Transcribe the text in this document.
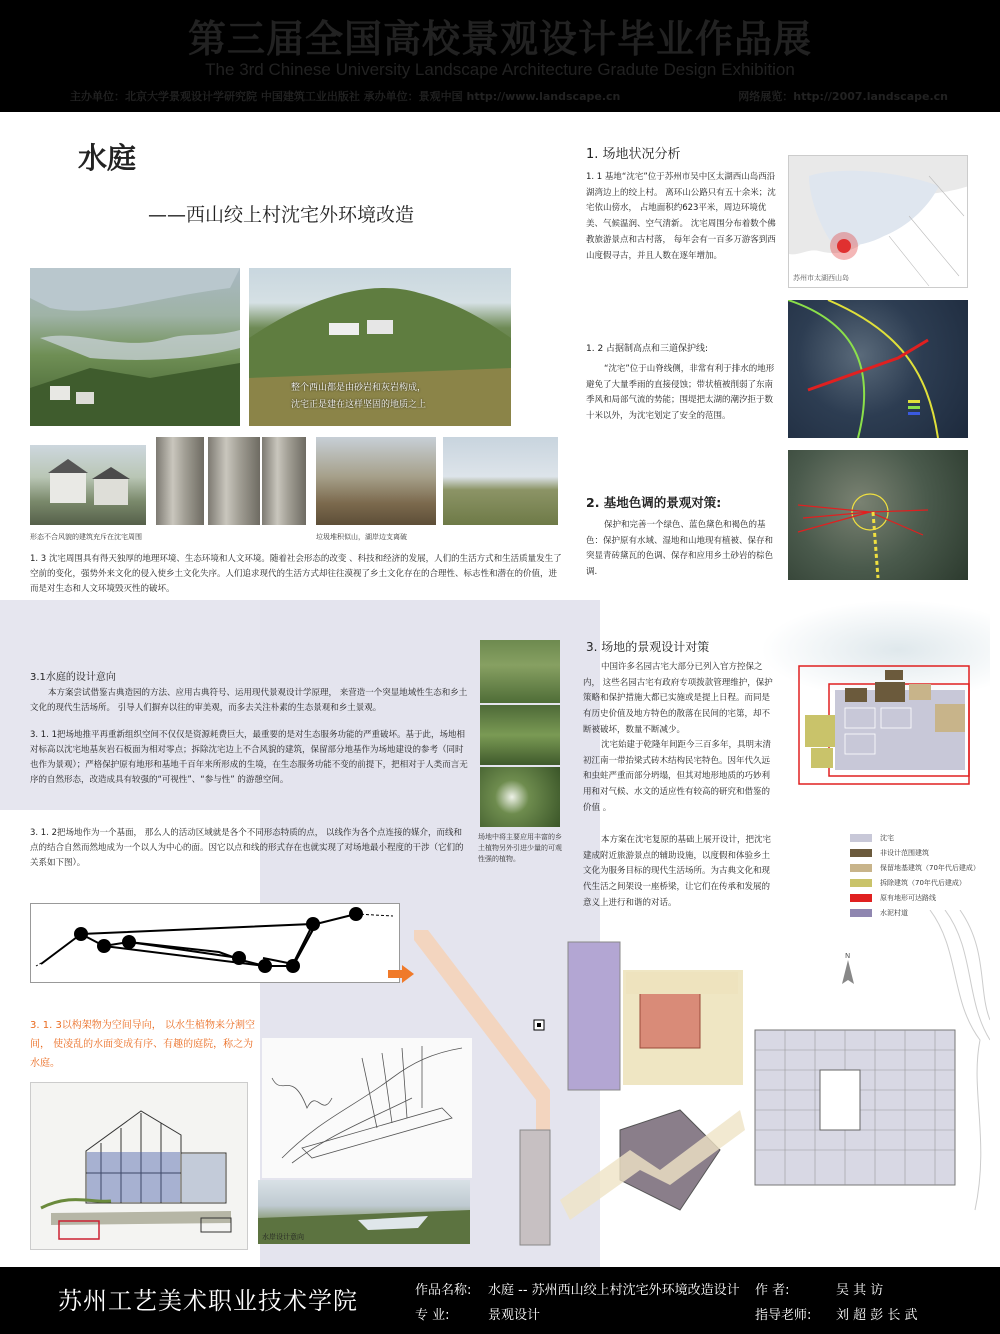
第三届全国高校景观设计毕业作品展
The 3rd Chinese University Landscape Architecture Gradute Design Exhibition
主办单位：北京大学景观设计学研究院 中国建筑工业出版社 承办单位：景观中国 http://www.landscape.cn	网络展览：http://2007.landscape.cn
水庭
——西山绞上村沈宅外环境改造
整个西山都是由砂岩和灰岩构成，
沈宅正是建在这样坚固的地质之上
形态不合风貌的建筑充斥在沈宅周围	垃圾堆积似山，湖岸边支离破
1. 3 沈宅周围具有得天独厚的地理环境、生态环境和人文环境。随着社会形态的改变 、科技和经济的发展，人们的生活方式和生活质量发生了空前的变化，强势外来文化的侵入使乡土文化失序。人们追求现代的生活方式却往往漠视了乡土文化存在的合理性、标志性和潜在的价值，进而是对生态和人文环境毁灭性的破坏。
3.1水庭的设计意向
本方案尝试借鉴古典造园的方法、应用古典符号、运用现代景观设计学原理， 来营造一个突显地域性生态和乡土文化的现代生活场所。 引导人们摒弃以往的审美观，而多去关注朴素的生态景观和乡土景观。
3. 1. 1把场地推平再重新组织空间不仅仅是资源耗费巨大，最重要的是对生态服务功能的严重破坏。基于此，场地相对标高以沈宅地基灰岩石板面为相对零点；拆除沈宅边上不合风貌的建筑，保留部分地基作为场地建设的参考（同时也作为景观）；严格保护原有地形和基地千百年来所形成的生境，在生态服务功能不变的前提下，把相对于人类而言无序的自然形态，改造成具有较强的“可视性”、“参与性” 的游憩空间。
3. 1. 2把场地作为一个基面， 那么人的活动区域就是各个不同形态特质的点， 以线作为各个点连接的媒介，而线和点的结合自然而然地成为一个以人为中心的面。因它以点和线的形式存在也就实现了对场地最小程度的干涉（它们的关系如下图）。
场地中将主要应用丰富的乡土植物另外引进少量的可观性强的植物。
3. 1. 3以构架物为空间导向， 以水生植物来分割空间， 使凌乱的水面变成有序、有趣的庭院，称之为水庭。
水岸设计意向
1. 场地状况分析
1. 1 基地“沈宅”位于苏州市吴中区太湖西山岛西沿湖湾边上的绞上村。 离环山公路只有五十余米；沈宅依山傍水， 占地面积约623平米，周边环境优美、气候温润、空气清新。 沈宅周围分布着数个佛教旅游景点和古村落， 每年会有一百多万游客到西山度假寻古，并且人数在逐年增加。
苏州市太湖西山岛
1. 2 占据制高点和三道保护线:
“沈宅”位于山脊线侧，非常有利于排水的地形避免了大量季雨的直接侵蚀；带状植被削弱了东南季风和局部气流的势能；围堤把太湖的潮汐拒于数十米以外，为沈宅划定了安全的范围。
2. 基地色调的景观对策:
保护和完善一个绿色、蓝色黛色和褐色的基色：保护原有水域、湿地和山地现有植被、保存和突显青砖黛瓦的色调、保存和应用乡土砂岩的棕色调.
3. 场地的景观设计对策
中国许多名园古宅大部分已列入官方控保之内， 这些名园古宅有政府专项拨款管理维护，保护策略和保护措施大都已实施或是提上日程。而同是有历史价值及地方特色的散落在民间的宅第，却不断被破坏，数量不断减少。
沈宅始建于乾隆年间距今三百多年，具明末清初江南一带抬梁式砖木结构民宅特色。因年代久远和虫蛀严重而部分坍塌，但其对地形地质的巧妙利用和对气候、水文的适应性有较高的研究和借鉴的价值 。
本方案在沈宅复原的基础上展开设计，把沈宅建成附近旅游景点的辅助设施，以度假和体验乡土文化为服务目标的现代生活场所。为古典文化和现代生活之间架设一座桥梁，让它们在传承和发展的意义上进行和谐的对话。
沈宅
非设计范围建筑
保留地基建筑（70年代后建成）
拆除建筑（70年代后建成）
原有地形可达路线
水泥村道
N
苏州工艺美术职业技术学院	作品名称: 水庭 -- 苏州西山绞上村沈宅外环境改造设计 作 者:	吴 其 访
专 业:	景观设计	指导老师: 刘 超 彭 长 武
